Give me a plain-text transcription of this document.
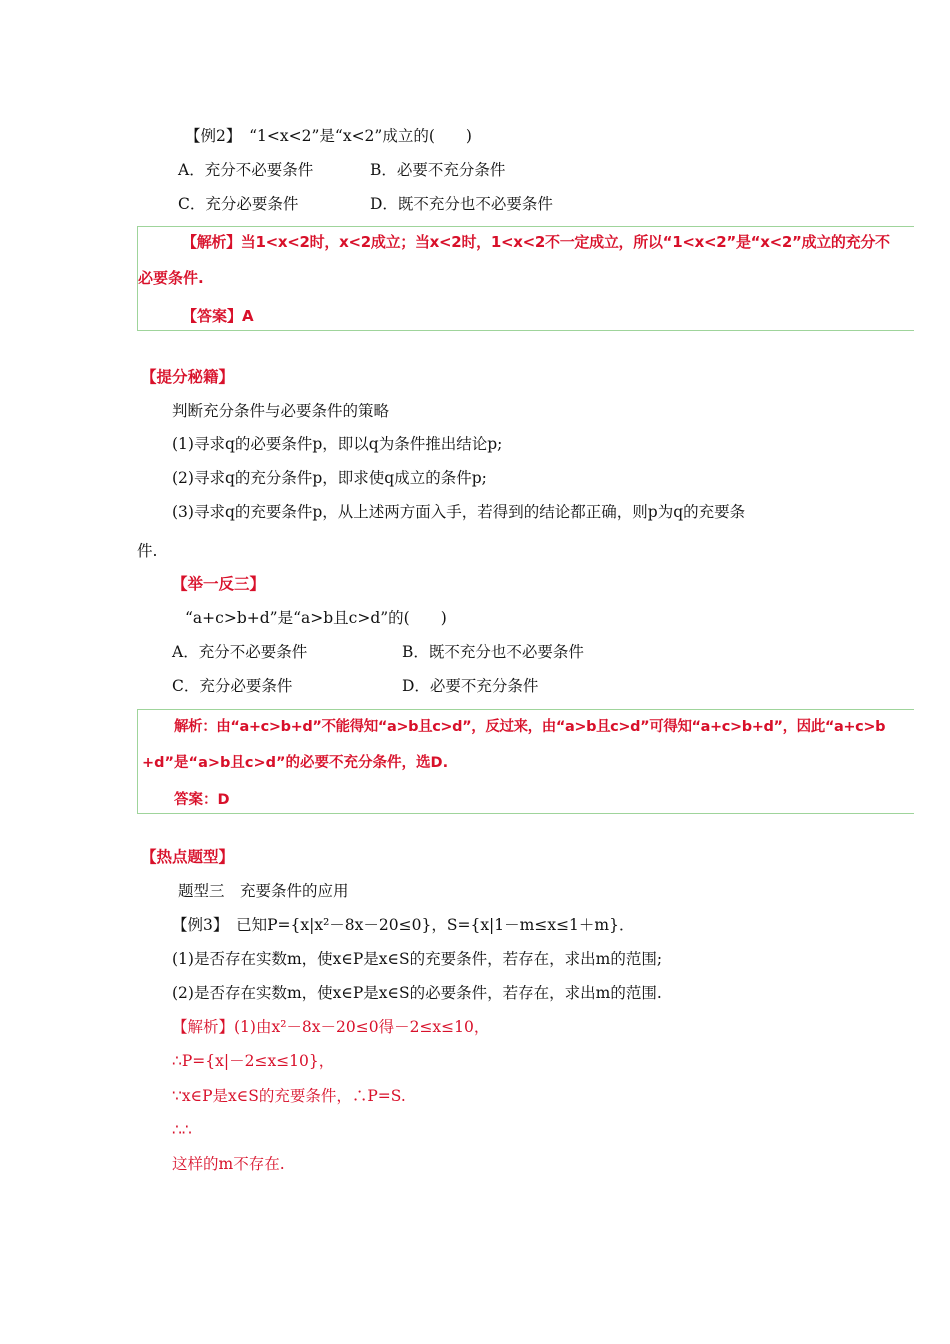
【例2】　“1<x<2”是“x<2”成立的(　　)
A．充分不必要条件	B．必要不充分条件
C．充分必要条件	D．既不充分也不必要条件
【解析】当1<x<2时，x<2成立；当x<2时，1<x<2不一定成立，所以“1<x<2”是“x<2”成立的充分不
必要条件.
【答案】A
【提分秘籍】
判断充分条件与必要条件的策略
(1)寻求q的必要条件p，即以q为条件推出结论p;
(2)寻求q的充分条件p，即求使q成立的条件p;
(3)寻求q的充要条件p，从上述两方面入手，若得到的结论都正确，则p为q的充要条
件.
【举一反三】
“a+c>b+d”是“a>b且c>d”的(　　)
A．充分不必要条件	B．既不充分也不必要条件
C．充分必要条件	D．必要不充分条件
解析：由“a+c>b+d”不能得知“a>b且c>d”，反过来，由“a>b且c>d”可得知“a+c>b+d”，因此“a+c>b
+d”是“a>b且c>d”的必要不充分条件，选D.
答案：D
【热点题型】
题型三　充要条件的应用
【例3】　已知P={x|x²－8x－20≤0}，S={x|1－m≤x≤1＋m}．
(1)是否存在实数m，使x∈P是x∈S的充要条件，若存在，求出m的范围;
(2)是否存在实数m，使x∈P是x∈S的必要条件，若存在，求出m的范围.
【解析】(1)由x²－8x－20≤0得－2≤x≤10，
∴P={x|－2≤x≤10}，
∵x∈P是x∈S的充要条件，∴P=S.
∴∴
这样的m不存在.
